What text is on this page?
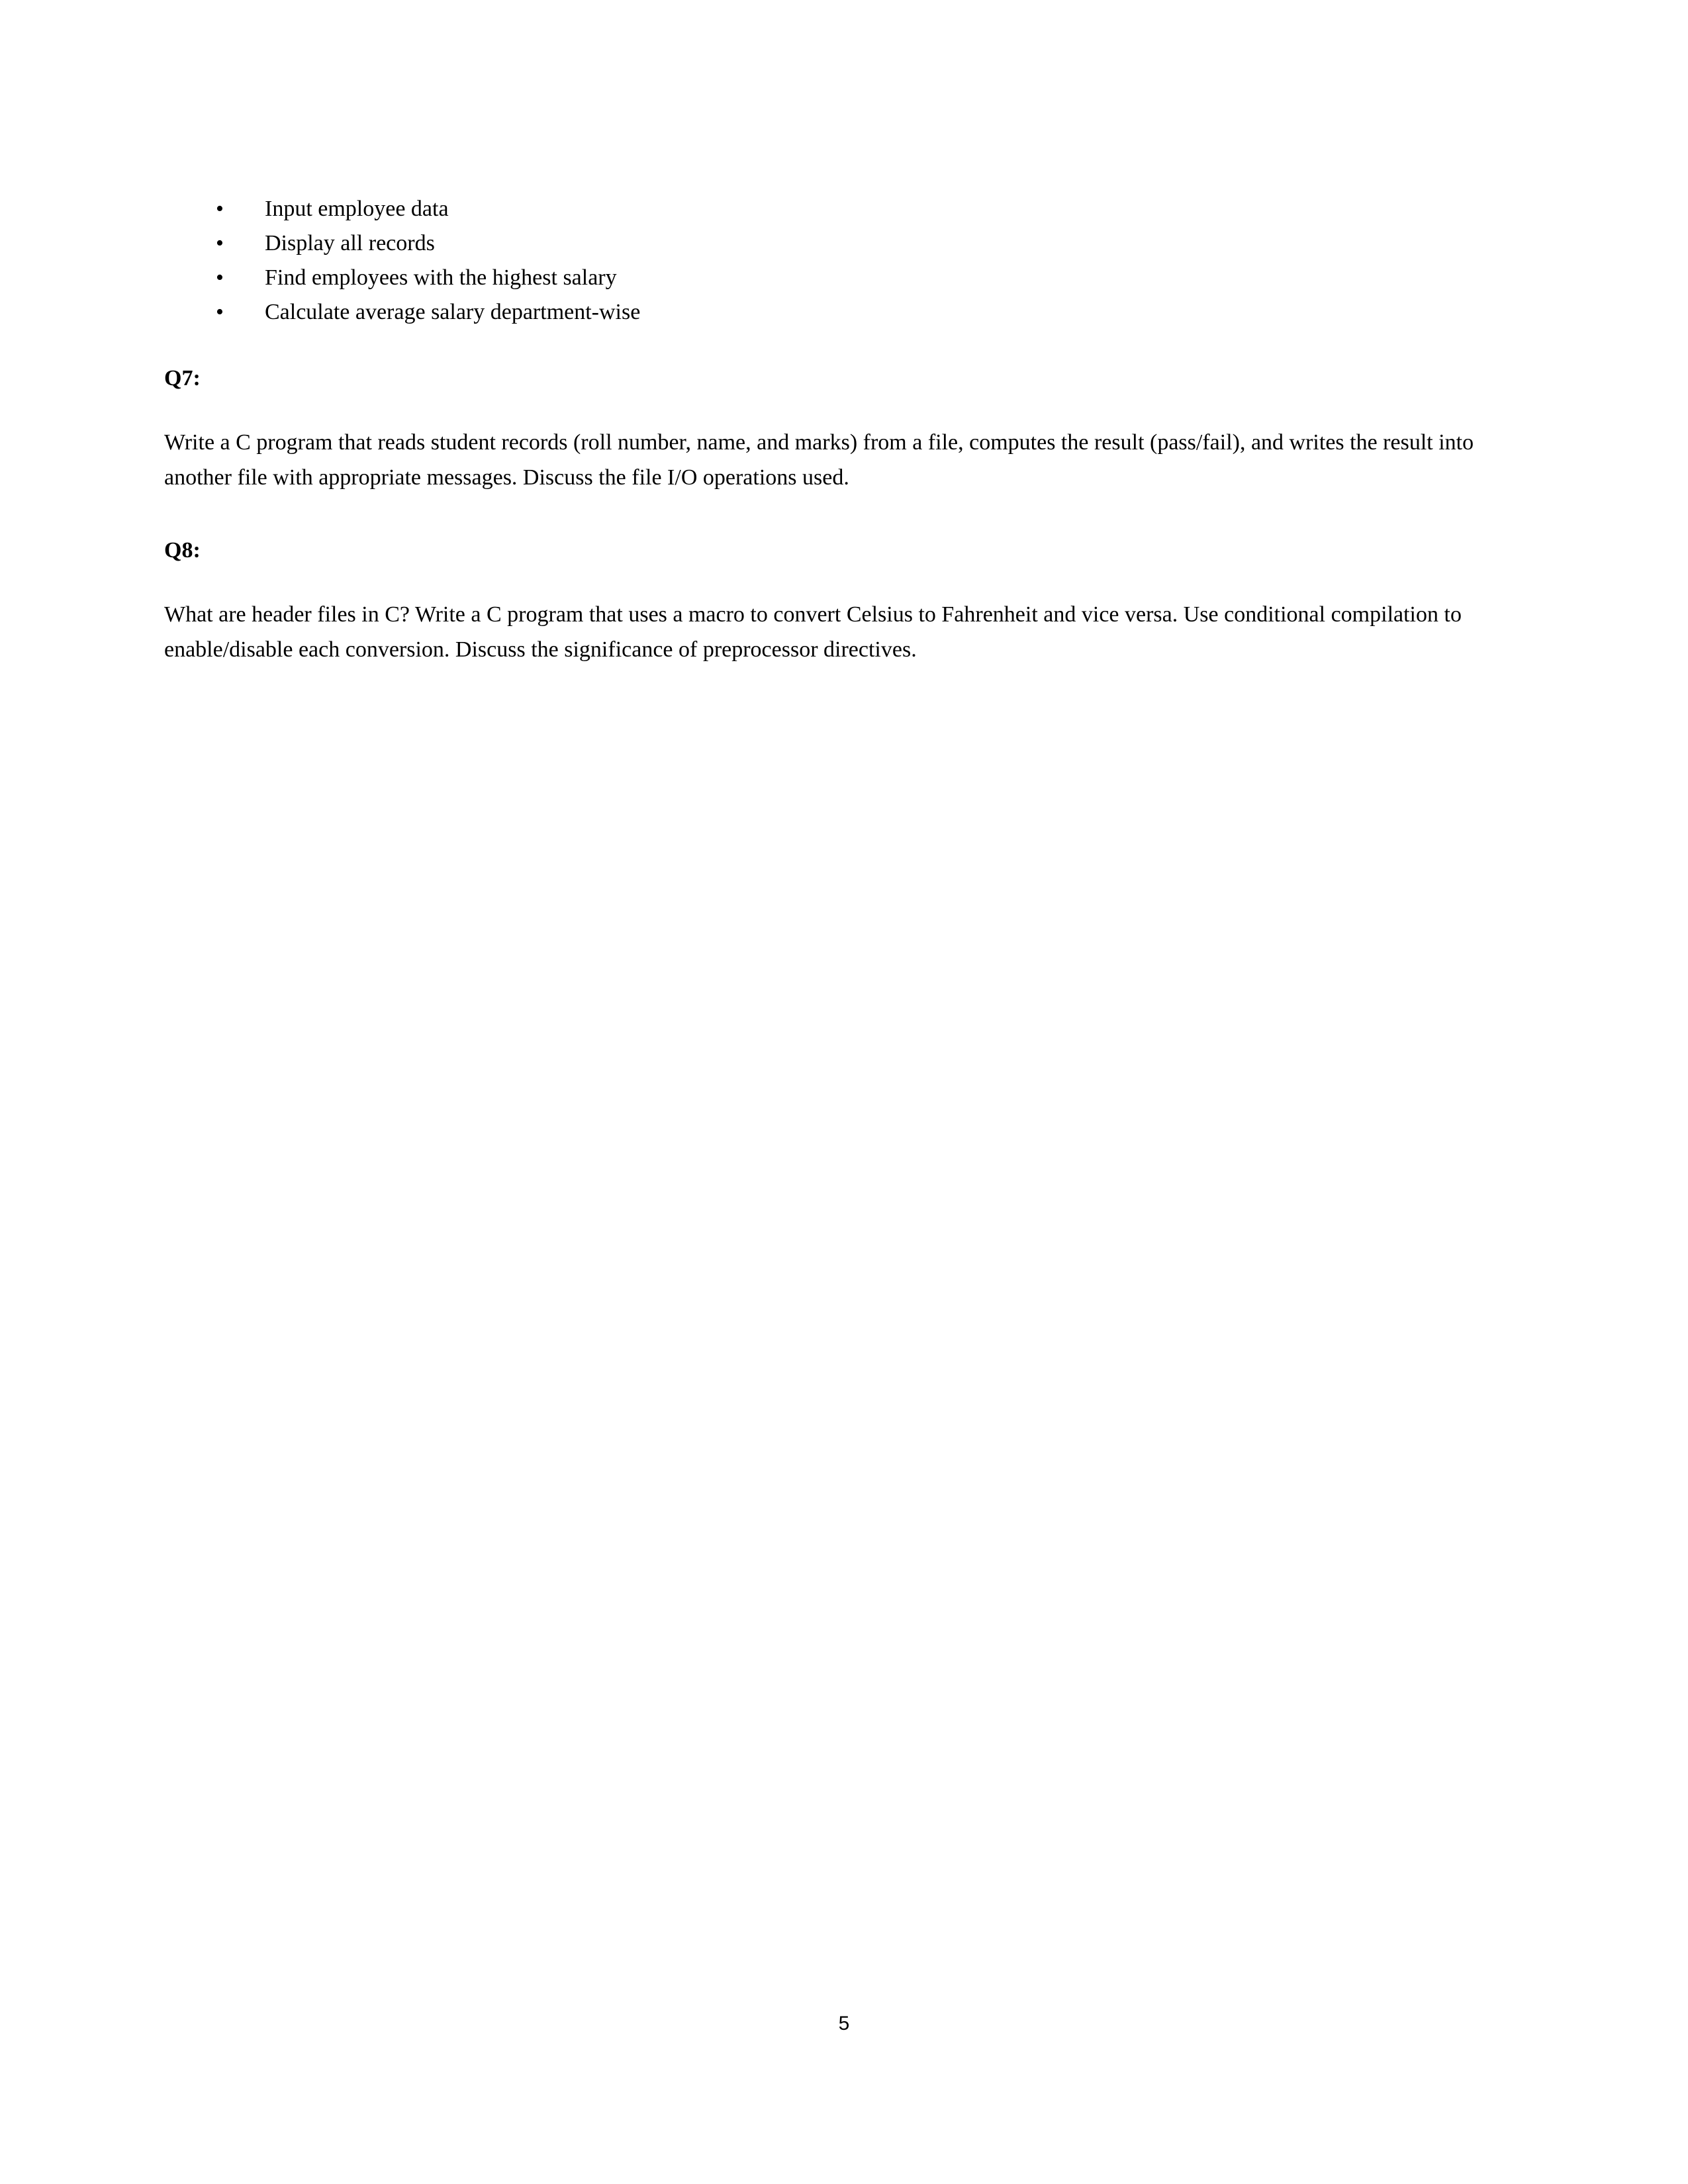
• Input employee data
• Display all records
• Find employees with the highest salary
• Calculate average salary department-wise
Q7:

Write a C program that reads student records (roll number, name, and marks) from a file, computes the result (pass/fail), and writes the result into another file with appropriate messages. Discuss the file I/O operations used.

Q8:

What are header files in C? Write a C program that uses a macro to convert Celsius to Fahrenheit and vice versa. Use conditional compilation to enable/disable each conversion. Discuss the significance of preprocessor directives.

5
